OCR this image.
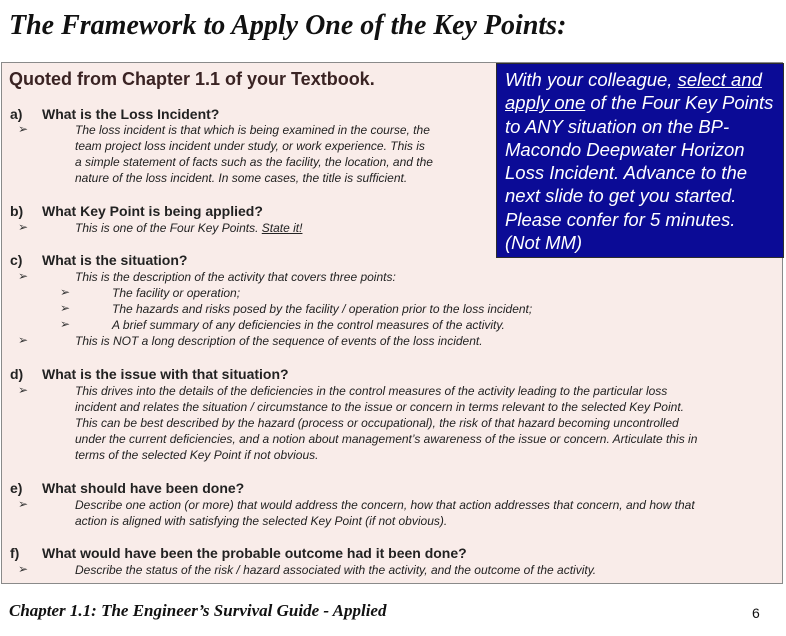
The Framework to Apply One of the Key Points:
Quoted from Chapter 1.1 of your Textbook.
a) What is the Loss Incident?
➢	The loss incident is that which is being examined in the course, the
team project loss incident under study, or work experience. This is
a simple statement of facts such as the facility, the location, and the
nature of the loss incident. In some cases, the title is sufficient.
b) What Key Point is being applied?
➢	This is one of the Four Key Points. State it!
c) What is the situation?
➢	This is the description of the activity that covers three points:
➢	The facility or operation;
➢	The hazards and risks posed by the facility / operation prior to the loss incident;
➢	A brief summary of any deficiencies in the control measures of the activity.
➢	This is NOT a long description of the sequence of events of the loss incident.
d) What is the issue with that situation?
➢	This drives into the details of the deficiencies in the control measures of the activity leading to the particular loss
incident and relates the situation / circumstance to the issue or concern in terms relevant to the selected Key Point.
This can be best described by the hazard (process or occupational), the risk of that hazard becoming uncontrolled
under the current deficiencies, and a notion about management’s awareness of the issue or concern. Articulate this in
terms of the selected Key Point if not obvious.
e) What should have been done?
➢	Describe one action (or more) that would address the concern, how that action addresses that concern, and how that
action is aligned with satisfying the selected Key Point (if not obvious).
f) What would have been the probable outcome had it been done?
➢	Describe the status of the risk / hazard associated with the activity, and the outcome of the activity.
With your colleague, select and apply one of the Four Key Points to ANY situation on the BP-Macondo Deepwater Horizon Loss Incident. Advance to the next slide to get you started. Please confer for 5 minutes. (Not MM)
Chapter 1.1: The Engineer’s Survival Guide - Applied	6
